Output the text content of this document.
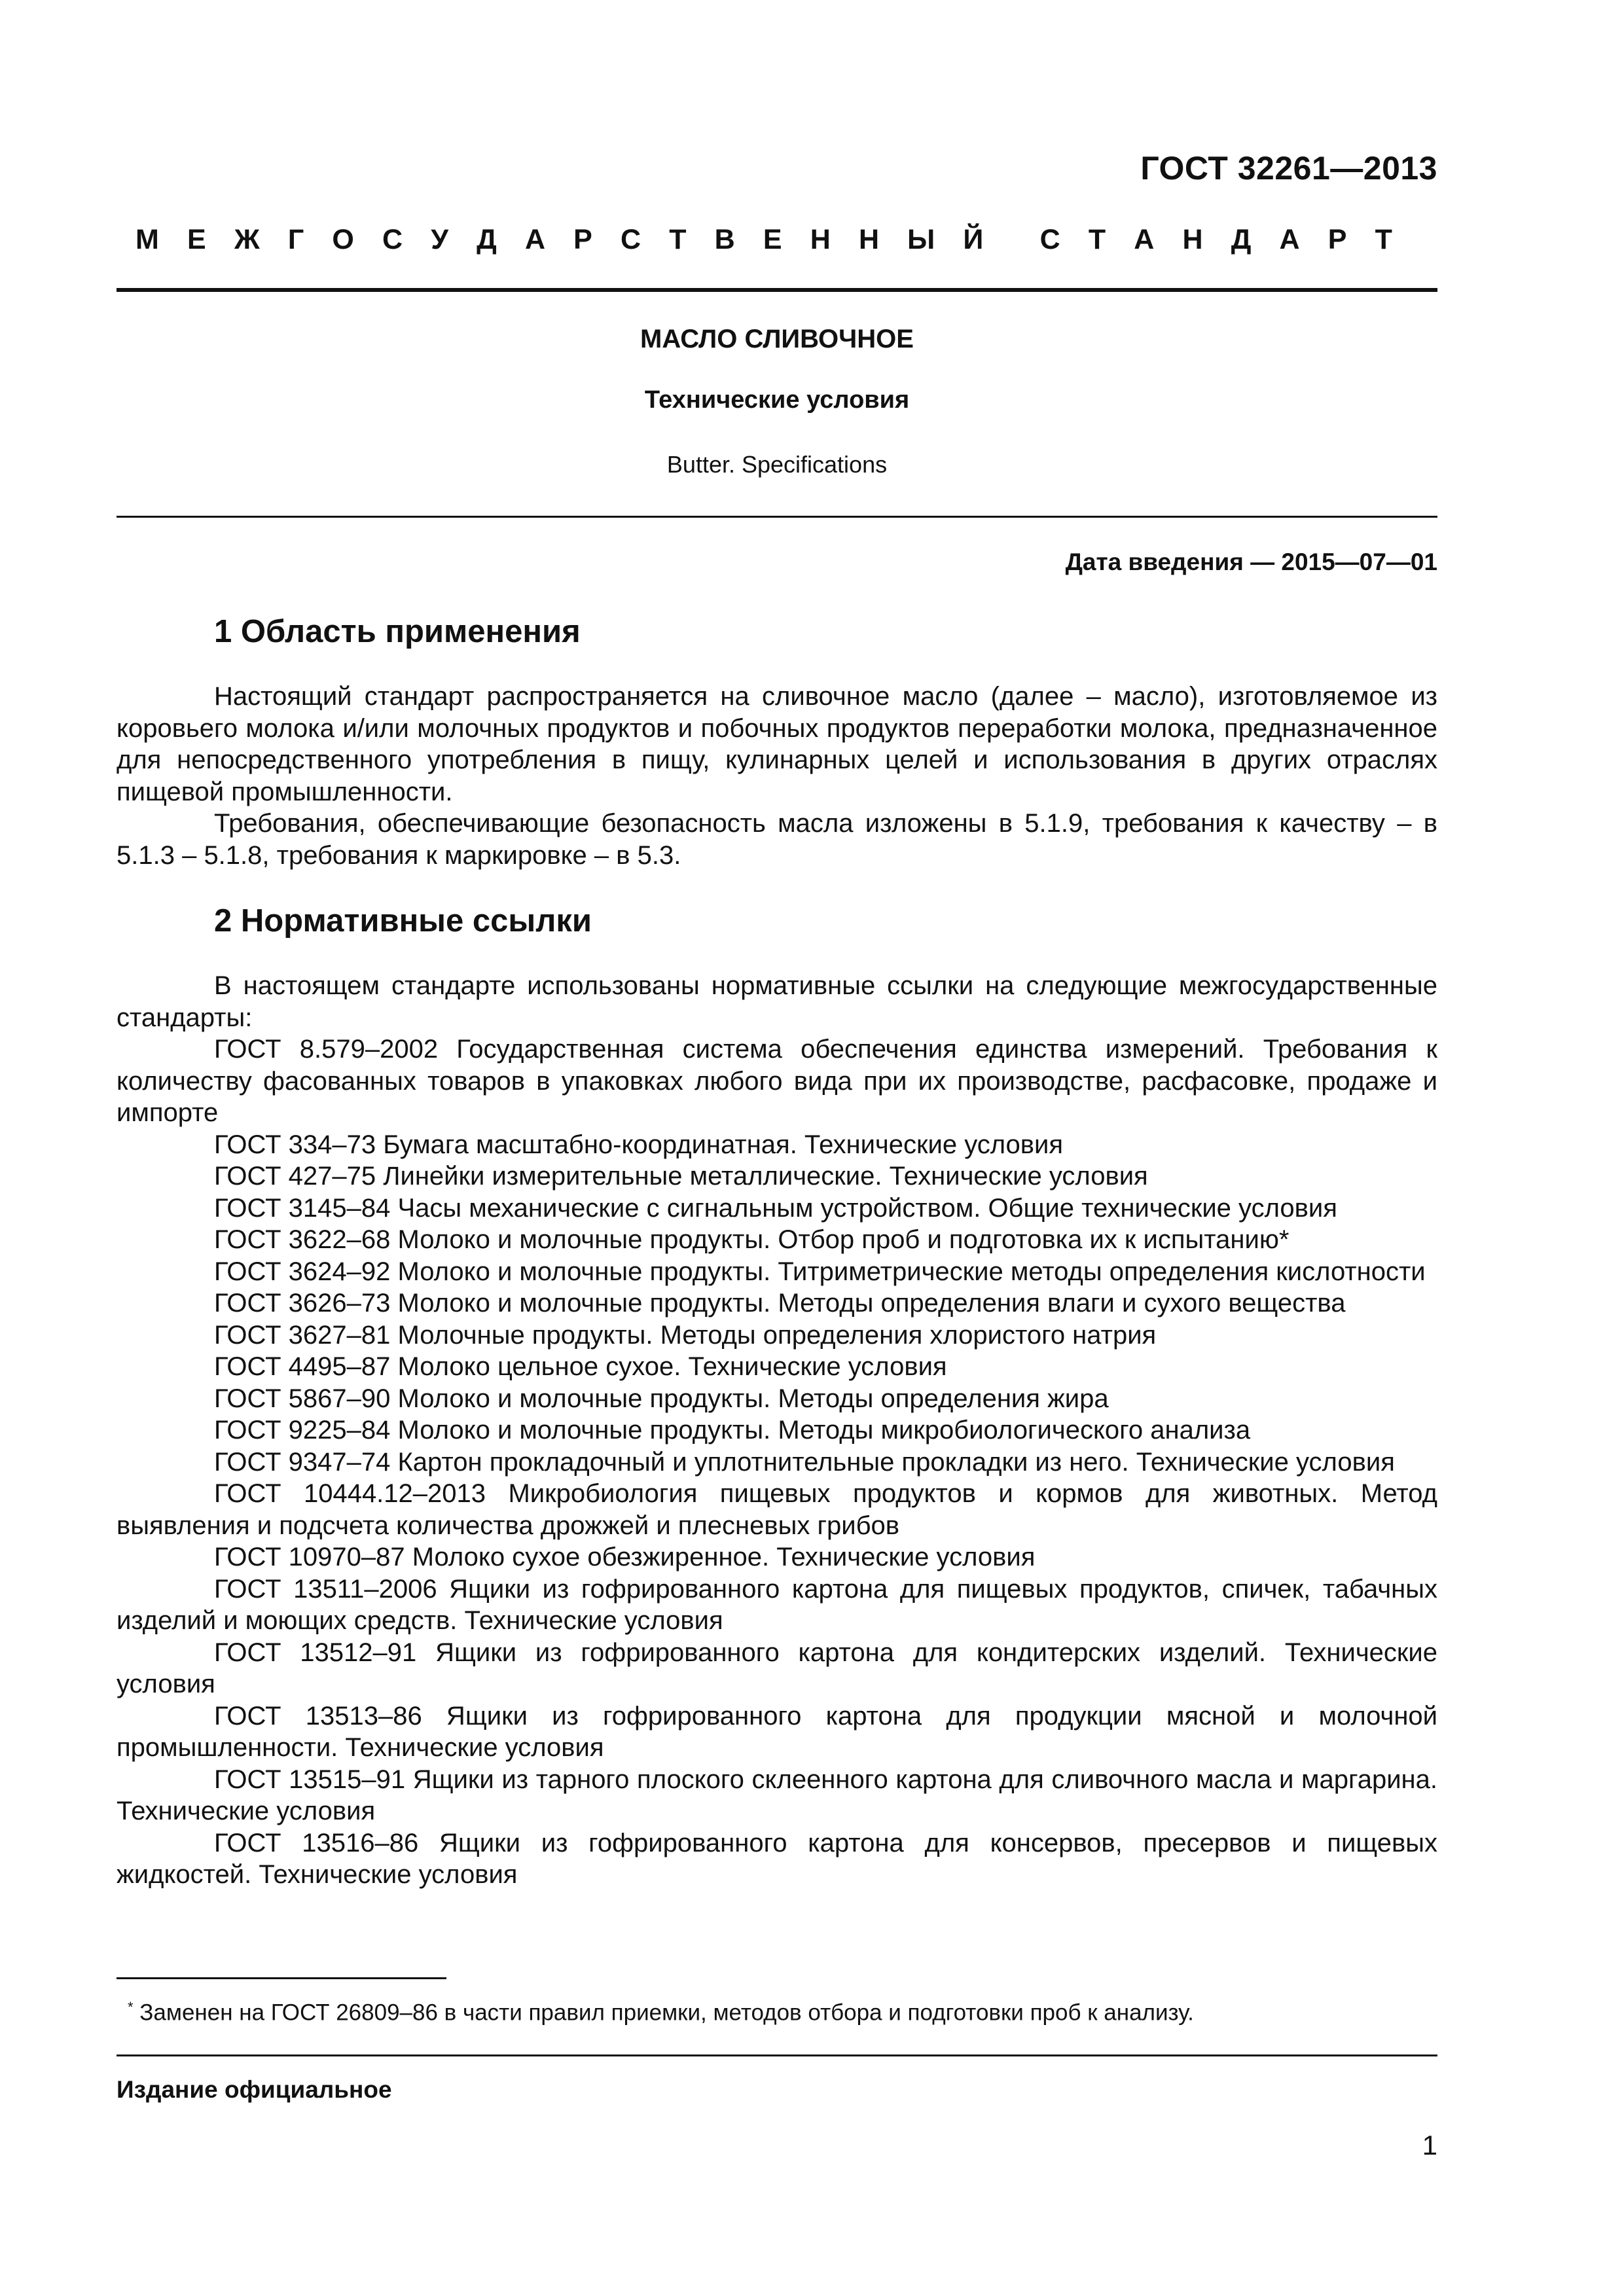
ГОСТ 32261—2013
М Е Ж Г О С У Д А Р С Т В Е Н Н Ы Й С Т А Н Д А Р Т
МАСЛО СЛИВОЧНОЕ
Технические условия
Butter. Specifications
Дата введения — 2015—07—01
1 Область применения

Настоящий стандарт распространяется на сливочное масло (далее – масло), изготовляемое из коровьего молока и/или молочных продуктов и побочных продуктов переработки молока, предназначенное для непосредственного употребления в пищу, кулинарных целей и использования в других отраслях пищевой промышленности.

Требования, обеспечивающие безопасность масла изложены в 5.1.9, требования к качеству – в 5.1.3 – 5.1.8, требования к маркировке – в 5.3.

2 Нормативные ссылки

В настоящем стандарте использованы нормативные ссылки на следующие межгосударственные стандарты:

ГОСТ 8.579–2002 Государственная система обеспечения единства измерений. Требования к количеству фасованных товаров в упаковках любого вида при их производстве, расфасовке, продаже и импорте

ГОСТ 334–73 Бумага масштабно-координатная. Технические условия

ГОСТ 427–75 Линейки измерительные металлические. Технические условия

ГОСТ 3145–84 Часы механические с сигнальным устройством. Общие технические условия

ГОСТ 3622–68 Молоко и молочные продукты. Отбор проб и подготовка их к испытанию*

ГОСТ 3624–92 Молоко и молочные продукты. Титриметрические методы определения кислотности

ГОСТ 3626–73 Молоко и молочные продукты. Методы определения влаги и сухого вещества

ГОСТ 3627–81 Молочные продукты. Методы определения хлористого натрия

ГОСТ 4495–87 Молоко цельное сухое. Технические условия

ГОСТ 5867–90 Молоко и молочные продукты. Методы определения жира

ГОСТ 9225–84 Молоко и молочные продукты. Методы микробиологического анализа

ГОСТ 9347–74 Картон прокладочный и уплотнительные прокладки из него. Технические условия

ГОСТ 10444.12–2013 Микробиология пищевых продуктов и кормов для животных. Метод выявления и подсчета количества дрожжей и плесневых грибов

ГОСТ 10970–87 Молоко сухое обезжиренное. Технические условия

ГОСТ 13511–2006 Ящики из гофрированного картона для пищевых продуктов, спичек, табачных изделий и моющих средств. Технические условия

ГОСТ 13512–91 Ящики из гофрированного картона для кондитерских изделий. Технические условия

ГОСТ 13513–86 Ящики из гофрированного картона для продукции мясной и молочной промышленности. Технические условия

ГОСТ 13515–91 Ящики из тарного плоского склеенного картона для сливочного масла и маргарина. Технические условия

ГОСТ 13516–86 Ящики из гофрированного картона для консервов, пресервов и пищевых жидкостей. Технические условия

* Заменен на ГОСТ 26809–86 в части правил приемки, методов отбора и подготовки проб к анализу.
Издание официальное
1
